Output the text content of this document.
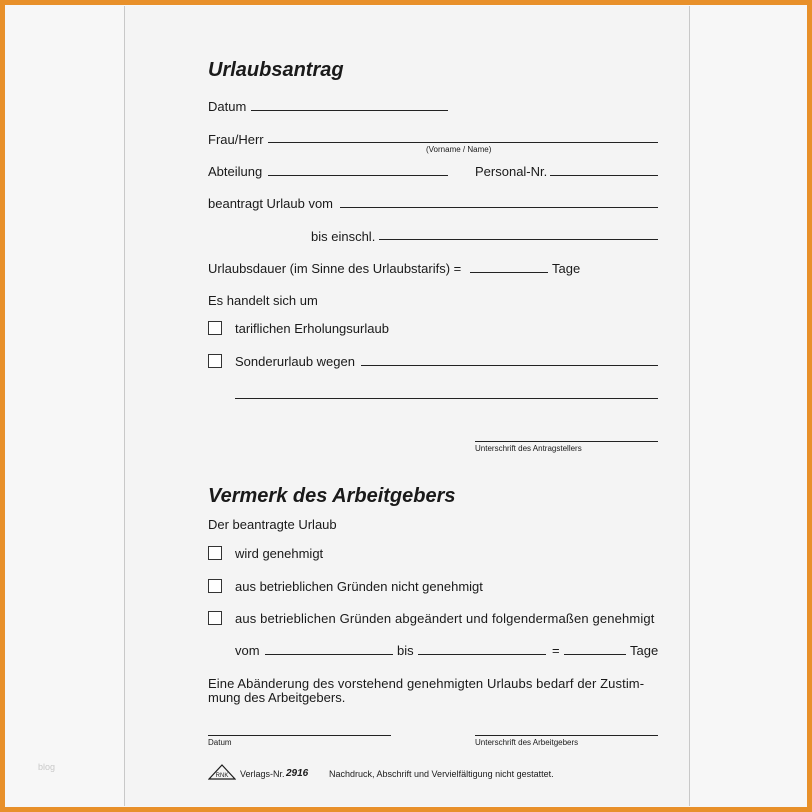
blog
Urlaubsantrag
Datum
Frau/Herr
(Vorname / Name)
Abteilung	Personal-Nr.
beantragt Urlaub vom
bis einschl.
Urlaubsdauer (im Sinne des Urlaubstarifs) =	Tage
Es handelt sich um
tariflichen Erholungsurlaub
Sonderurlaub wegen
Unterschrift des Antragstellers
Vermerk des Arbeitgebers
Der beantragte Urlaub
wird genehmigt
aus betrieblichen Gründen nicht genehmigt
aus betrieblichen Gründen abgeändert und folgendermaßen genehmigt
vom	bis	=	Tage
Eine Abänderung des vorstehend genehmigten Urlaubs bedarf der Zustim-
mung des Arbeitgebers.
Datum	Unterschrift des Arbeitgebers
RNK Verlags-Nr. 2916 Nachdruck, Abschrift und Vervielfältigung nicht gestattet.
